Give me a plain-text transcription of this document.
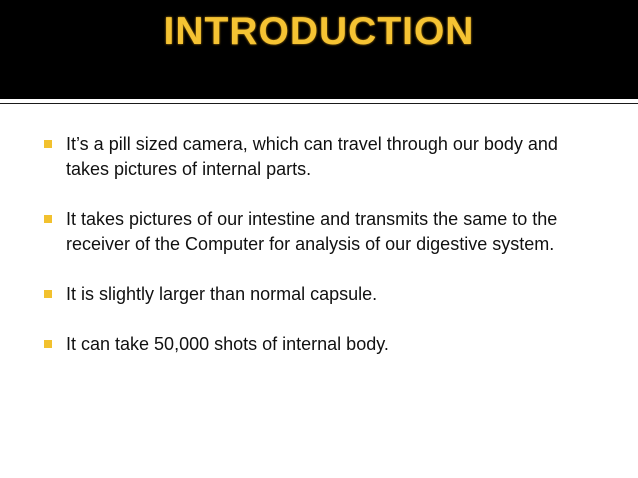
INTRODUCTION
It’s a pill sized camera, which can travel through our body and takes pictures of internal parts.
It takes pictures of our intestine and transmits the same to the receiver of the Computer for analysis of our digestive system.
It is slightly larger than normal capsule.
It can take 50,000 shots of internal body.
